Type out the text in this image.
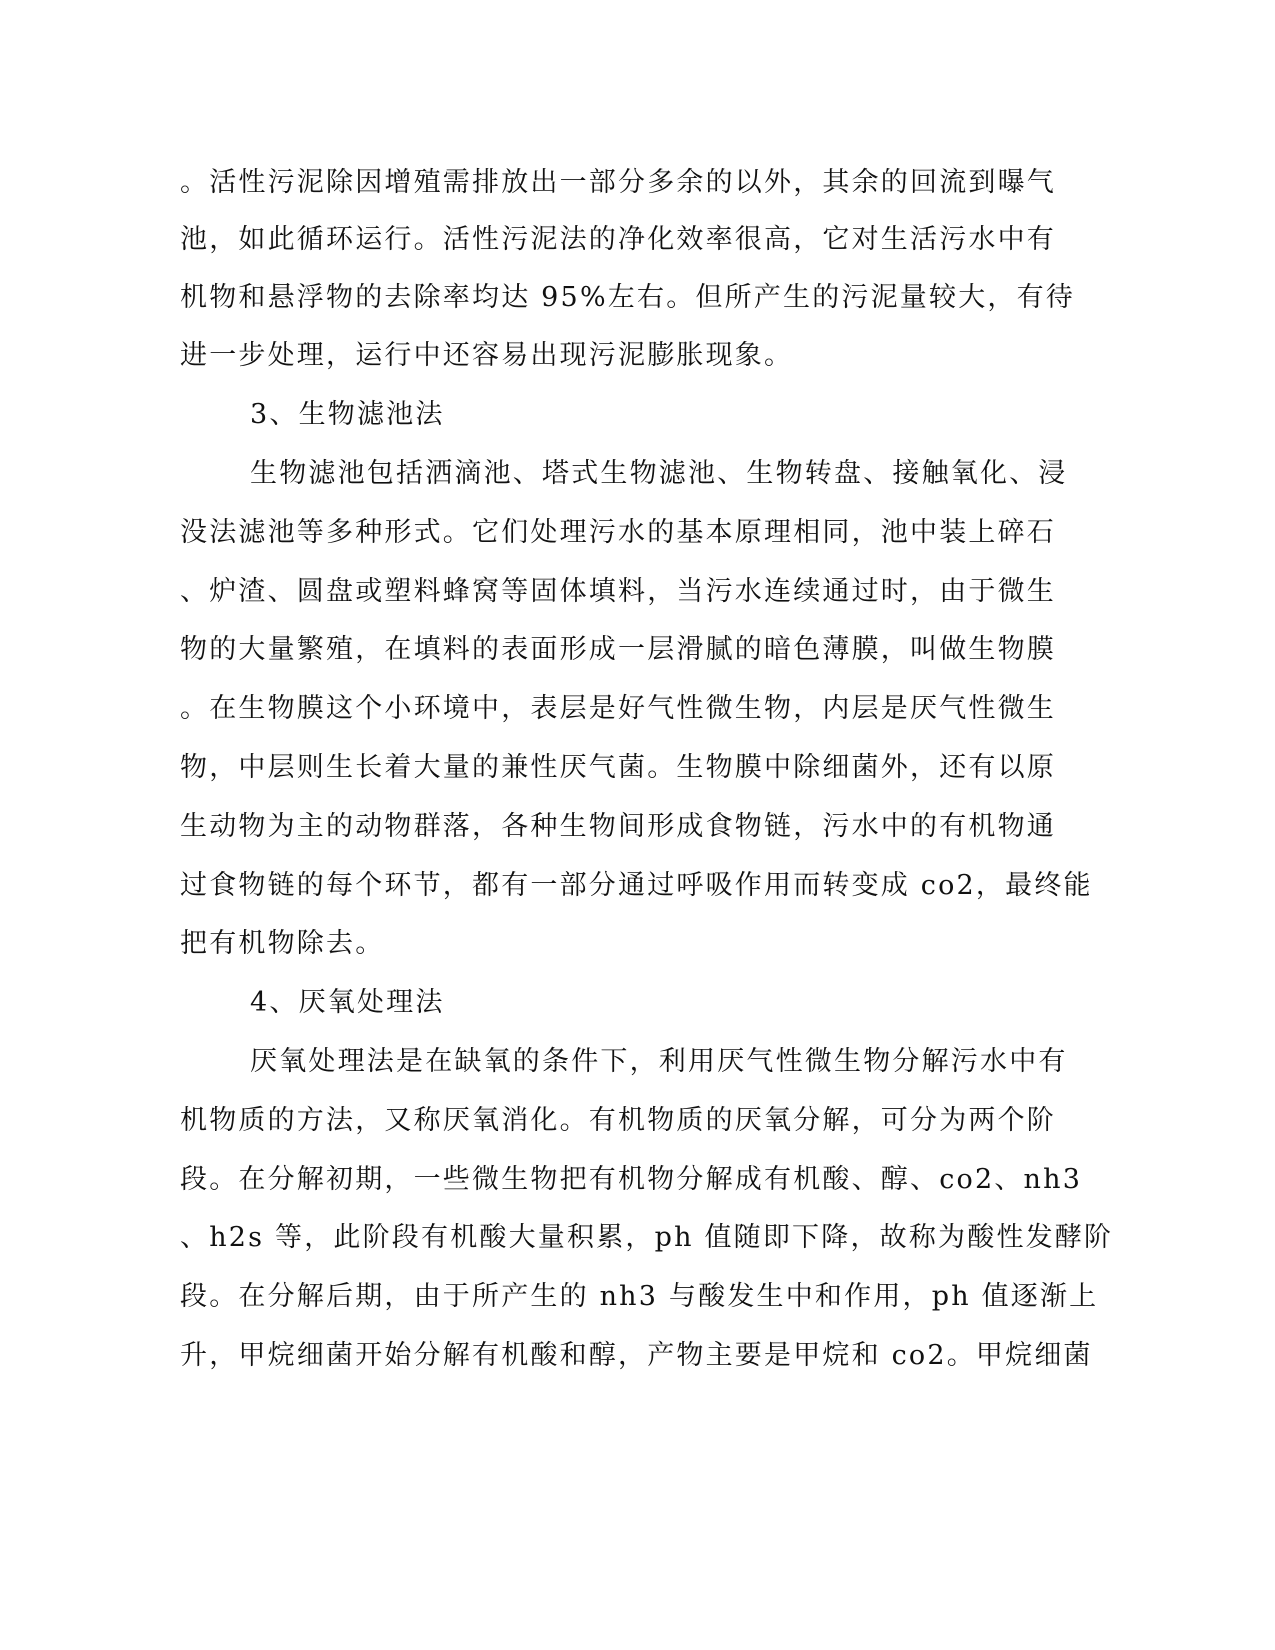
。活性污泥除因增殖需排放出一部分多余的以外，其余的回流到曝气
池，如此循环运行。活性污泥法的净化效率很高，它对生活污水中有
机物和悬浮物的去除率均达 95%左右。但所产生的污泥量较大，有待
进一步处理，运行中还容易出现污泥膨胀现象。
3、生物滤池法
生物滤池包括洒滴池、塔式生物滤池、生物转盘、接触氧化、浸
没法滤池等多种形式。它们处理污水的基本原理相同，池中装上碎石
、炉渣、圆盘或塑料蜂窝等固体填料，当污水连续通过时，由于微生
物的大量繁殖，在填料的表面形成一层滑腻的暗色薄膜，叫做生物膜
。在生物膜这个小环境中，表层是好气性微生物，内层是厌气性微生
物，中层则生长着大量的兼性厌气菌。生物膜中除细菌外，还有以原
生动物为主的动物群落，各种生物间形成食物链，污水中的有机物通
过食物链的每个环节，都有一部分通过呼吸作用而转变成 co2，最终能
把有机物除去。
4、厌氧处理法
厌氧处理法是在缺氧的条件下，利用厌气性微生物分解污水中有
机物质的方法，又称厌氧消化。有机物质的厌氧分解，可分为两个阶
段。在分解初期，一些微生物把有机物分解成有机酸、醇、co2、nh3
、h2s 等，此阶段有机酸大量积累，ph 值随即下降，故称为酸性发酵阶
段。在分解后期，由于所产生的 nh3 与酸发生中和作用，ph 值逐渐上
升，甲烷细菌开始分解有机酸和醇，产物主要是甲烷和 co2。甲烷细菌
